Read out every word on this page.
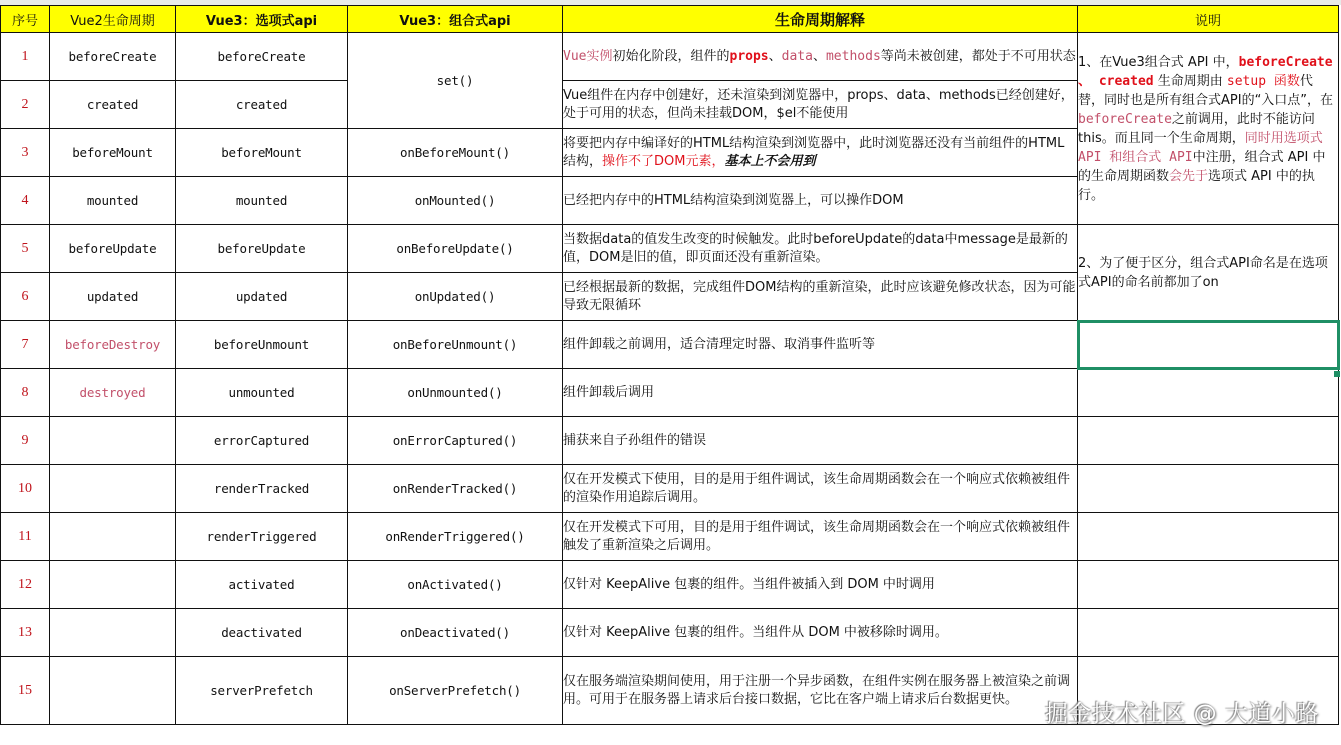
序号	Vue2生命周期	Vue3：选项式api	Vue3：组合式api	生命周期解释	说明
1	beforeCreate	beforeCreate	set()	Vue实例初始化阶段，组件的props、data、methods等尚未被创建，都处于不可用状态	1、在Vue3组合式 API 中，beforeCreate 、 created 生命周期由 setup 函数代替，同时也是所有组合式API的“入口点”，在beforeCreate之前调用，此时不能访问this。而且同一个生命周期，同时用选项式 API 和组合式 API中注册，组合式 API 中的生命周期函数会先于选项式 API 中的执行。
2	created	created		Vue组件在内存中创建好，还未渲染到浏览器中，props、data、methods已经创建好，处于可用的状态，但尚未挂载DOM，$el不能使用	
3	beforeMount	beforeMount	onBeforeMount()	将要把内存中编译好的HTML结构渲染到浏览器中，此时浏览器还没有当前组件的HTML结构，操作不了DOM元素，基本上不会用到	
4	mounted	mounted	onMounted()	已经把内存中的HTML结构渲染到浏览器上，可以操作DOM	
5	beforeUpdate	beforeUpdate	onBeforeUpdate()	当数据data的值发生改变的时候触发。此时beforeUpdate的data中message是最新的值，DOM是旧的值，即页面还没有重新渲染。	2、为了便于区分，组合式API命名是在选项式API的命名前都加了on
6	updated	updated	onUpdated()	已经根据最新的数据，完成组件DOM结构的重新渲染，此时应该避免修改状态，因为可能导致无限循环	
7	beforeDestroy	beforeUnmount	onBeforeUnmount()	组件卸载之前调用，适合清理定时器、取消事件监听等	
8	destroyed	unmounted	onUnmounted()	组件卸载后调用	
9		errorCaptured	onErrorCaptured()	捕获来自子孙组件的错误	
10		renderTracked	onRenderTracked()	仅在开发模式下使用，目的是用于组件调试，该生命周期函数会在一个响应式依赖被组件的渲染作用追踪后调用。	
11		renderTriggered	onRenderTriggered()	仅在开发模式下可用，目的是用于组件调试，该生命周期函数会在一个响应式依赖被组件触发了重新渲染之后调用。	
12		activated	onActivated()	仅针对 KeepAlive 包裹的组件。当组件被插入到 DOM 中时调用	
13		deactivated	onDeactivated()	仅针对 KeepAlive 包裹的组件。当组件从 DOM 中被移除时调用。	
15		serverPrefetch	onServerPrefetch()	仅在服务端渲染期间使用，用于注册一个异步函数，在组件实例在服务器上被渲染之前调用。可用于在服务器上请求后台接口数据，它比在客户端上请求后台数据更快。	
掘金技术社区 @ 大道小路
